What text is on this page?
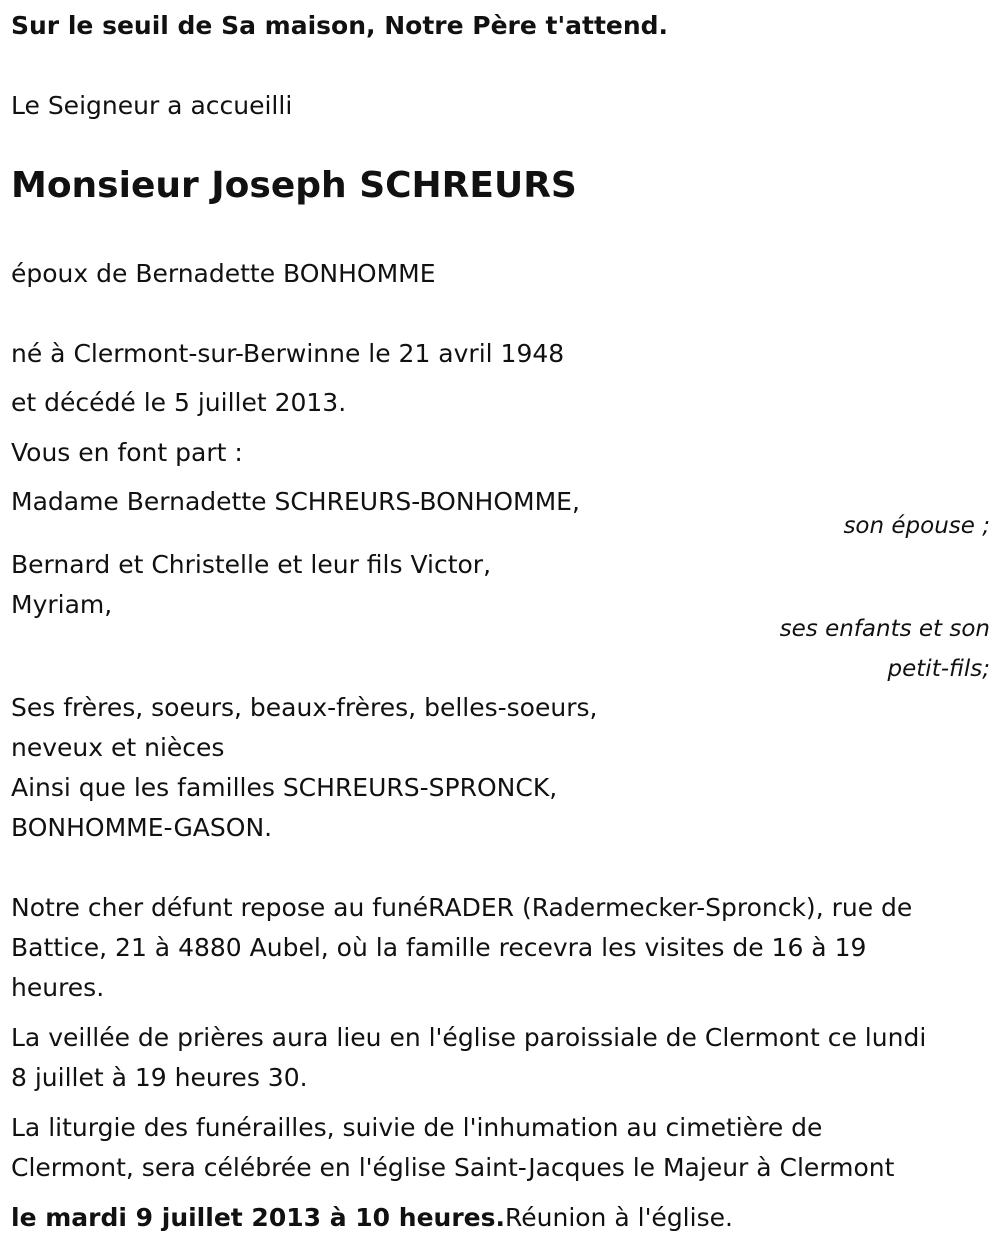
Sur le seuil de Sa maison, Notre Père t'attend.
Le Seigneur a accueilli
Monsieur Joseph SCHREURS
époux de Bernadette BONHOMME
né à Clermont-sur-Berwinne le 21 avril 1948
et décédé le 5 juillet 2013.
Vous en font part :
Madame Bernadette SCHREURS-BONHOMME,
son épouse ;
Bernard et Christelle et leur fils Victor,
Myriam,
ses enfants et son
petit-fils;
Ses frères, soeurs, beaux-frères, belles-soeurs,
neveux et nièces
Ainsi que les familles SCHREURS-SPRONCK,
BONHOMME-GASON.
Notre cher défunt repose au funéRADER (Radermecker-Spronck), rue de
Battice, 21 à 4880 Aubel, où la famille recevra les visites de 16 à 19
heures.
La veillée de prières aura lieu en l'église paroissiale de Clermont ce lundi
8 juillet à 19 heures 30.
La liturgie des funérailles, suivie de l'inhumation au cimetière de
Clermont, sera célébrée en l'église Saint-Jacques le Majeur à Clermont
le mardi 9 juillet 2013 à 10 heures.Réunion à l'église.
